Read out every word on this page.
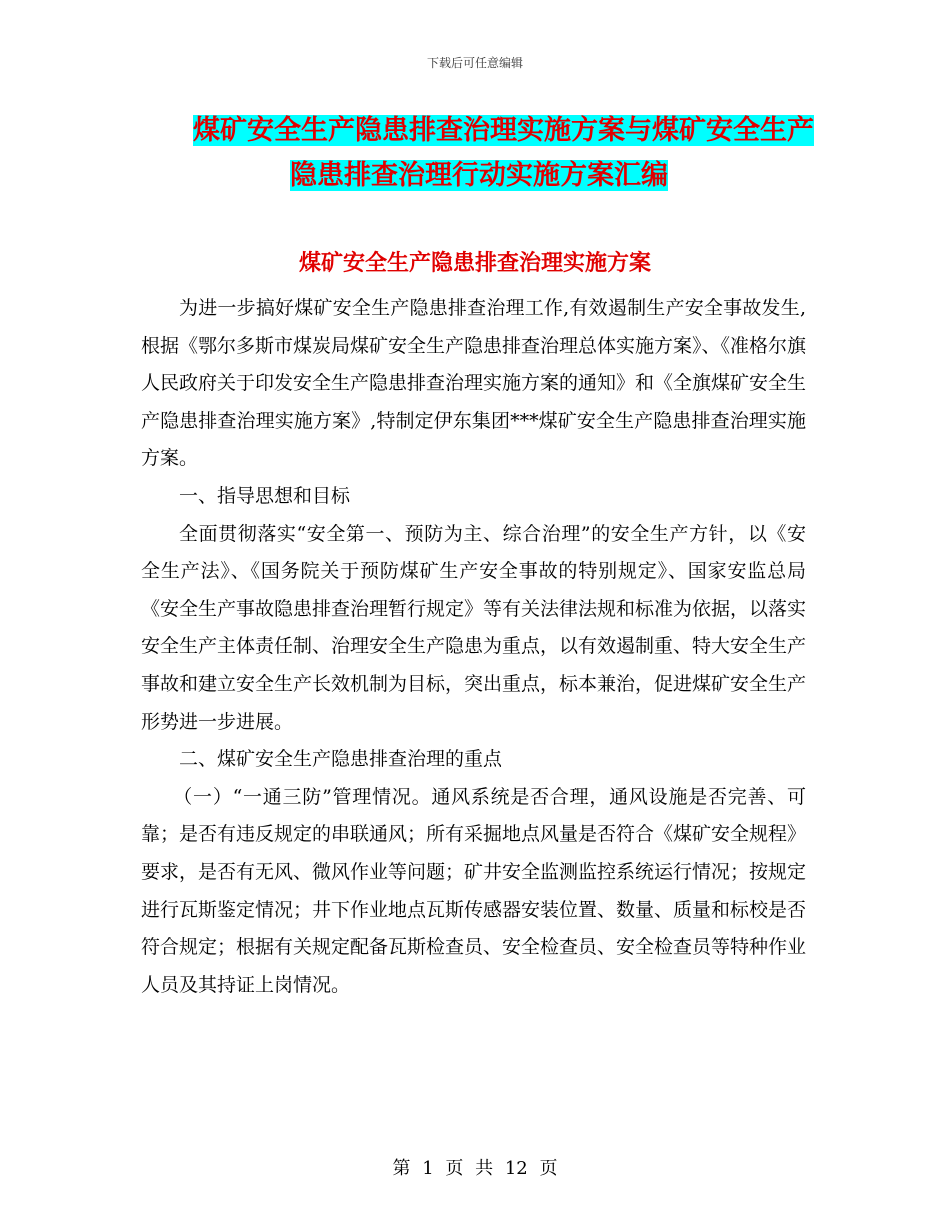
下载后可任意编辑
煤矿安全生产隐患排查治理实施方案与煤矿安全生产
隐患排查治理行动实施方案汇编
煤矿安全生产隐患排查治理实施方案

为进一步搞好煤矿安全生产隐患排查治理工作,有效遏制生产安全事故发生,根据《鄂尔多斯市煤炭局煤矿安全生产隐患排查治理总体实施方案》、《准格尔旗人民政府关于印发安全生产隐患排查治理实施方案的通知》和《全旗煤矿安全生产隐患排查治理实施方案》,特制定伊东集团***煤矿安全生产隐患排查治理实施方案。

一、指导思想和目标

全面贯彻落实“安全第一、预防为主、综合治理”的安全生产方针，以《安全生产法》、《国务院关于预防煤矿生产安全事故的特别规定》、国家安监总局《安全生产事故隐患排查治理暂行规定》等有关法律法规和标准为依据，以落实安全生产主体责任制、治理安全生产隐患为重点，以有效遏制重、特大安全生产事故和建立安全生产长效机制为目标，突出重点，标本兼治，促进煤矿安全生产形势进一步进展。

二、煤矿安全生产隐患排查治理的重点

（一）“一通三防”管理情况。通风系统是否合理，通风设施是否完善、可靠；是否有违反规定的串联通风；所有采掘地点风量是否符合《煤矿安全规程》要求，是否有无风、微风作业等问题；矿井安全监测监控系统运行情况；按规定进行瓦斯鉴定情况；井下作业地点瓦斯传感器安装位置、数量、质量和标校是否符合规定；根据有关规定配备瓦斯检查员、安全检查员、安全检查员等特种作业人员及其持证上岗情况。

第 1 页 共 12 页
